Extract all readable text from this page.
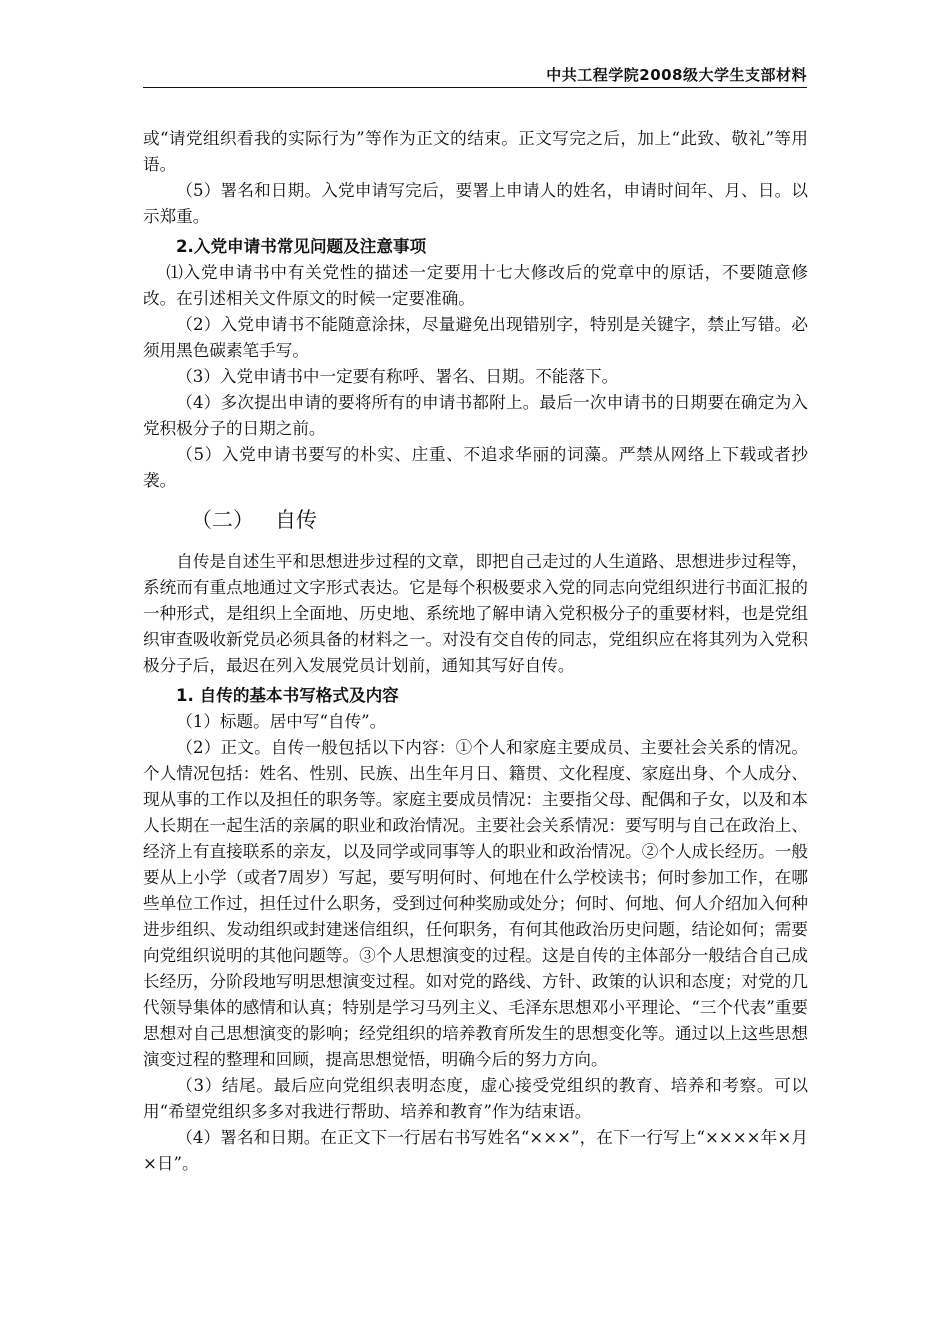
中共工程学院2008级大学生支部材料

或“请党组织看我的实际行为”等作为正文的结束。正文写完之后，加上“此致、敬礼”等用语。

（5）署名和日期。入党申请写完后，要署上申请人的姓名，申请时间年、月、日。以示郑重。

2.入党申请书常见问题及注意事项

⑴入党申请书中有关党性的描述一定要用十七大修改后的党章中的原话，不要随意修改。在引述相关文件原文的时候一定要准确。

（2）入党申请书不能随意涂抹，尽量避免出现错别字，特别是关键字，禁止写错。必须用黑色碳素笔手写。

（3）入党申请书中一定要有称呼、署名、日期。不能落下。

（4）多次提出申请的要将所有的申请书都附上。最后一次申请书的日期要在确定为入党积极分子的日期之前。

（5）入党申请书要写的朴实、庄重、不追求华丽的词藻。严禁从网络上下载或者抄袭。

（二） 自传

自传是自述生平和思想进步过程的文章，即把自己走过的人生道路、思想进步过程等，系统而有重点地通过文字形式表达。它是每个积极要求入党的同志向党组织进行书面汇报的一种形式，是组织上全面地、历史地、系统地了解申请入党积极分子的重要材料，也是党组织审查吸收新党员必须具备的材料之一。对没有交自传的同志，党组织应在将其列为入党积极分子后，最迟在列入发展党员计划前，通知其写好自传。

1. 自传的基本书写格式及内容

（1）标题。居中写“自传”。

（2）正文。自传一般包括以下内容：①个人和家庭主要成员、主要社会关系的情况。个人情况包括：姓名、性别、民族、出生年月日、籍贯、文化程度、家庭出身、个人成分、现从事的工作以及担任的职务等。家庭主要成员情况：主要指父母、配偶和子女，以及和本人长期在一起生活的亲属的职业和政治情况。主要社会关系情况：要写明与自己在政治上、经济上有直接联系的亲友，以及同学或同事等人的职业和政治情况。②个人成长经历。一般要从上小学（或者7周岁）写起，要写明何时、何地在什么学校读书；何时参加工作，在哪些单位工作过，担任过什么职务，受到过何种奖励或处分；何时、何地、何人介绍加入何种进步组织、发动组织或封建迷信组织，任何职务，有何其他政治历史问题，结论如何；需要向党组织说明的其他问题等。③个人思想演变的过程。这是自传的主体部分一般结合自己成长经历，分阶段地写明思想演变过程。如对党的路线、方针、政策的认识和态度；对党的几代领导集体的感情和认真；特别是学习马列主义、毛泽东思想邓小平理论、“三个代表”重要思想对自己思想演变的影响；经党组织的培养教育所发生的思想变化等。通过以上这些思想演变过程的整理和回顾，提高思想觉悟，明确今后的努力方向。

（3）结尾。最后应向党组织表明态度，虚心接受党组织的教育、培养和考察。可以用“希望党组织多多对我进行帮助、培养和教育”作为结束语。

（4）署名和日期。在正文下一行居右书写姓名“×××”，在下一行写上“××××年×月×日”。
